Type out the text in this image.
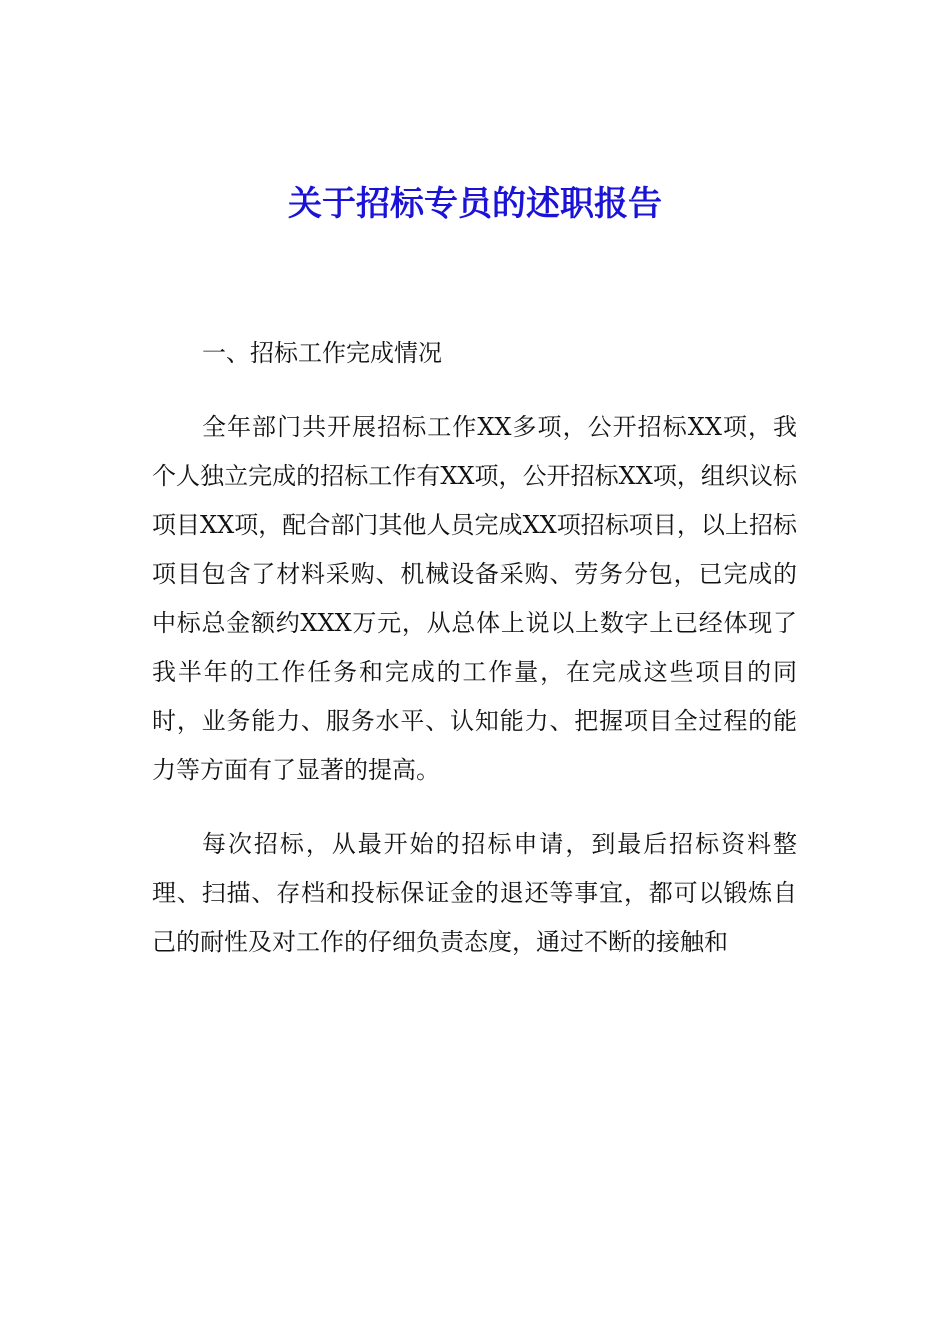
关于招标专员的述职报告

一、招标工作完成情况

全年部门共开展招标工作XX多项，公开招标XX项，我个人独立完成的招标工作有XX项，公开招标XX项，组织议标项目XX项，配合部门其他人员完成XX项招标项目，以上招标项目包含了材料采购、机械设备采购、劳务分包，已完成的中标总金额约XXX万元，从总体上说以上数字上已经体现了我半年的工作任务和完成的工作量，在完成这些项目的同时，业务能力、服务水平、认知能力、把握项目全过程的能力等方面有了显著的提高。

每次招标，从最开始的招标申请，到最后招标资料整理、扫描、存档和投标保证金的退还等事宜，都可以锻炼自己的耐性及对工作的仔细负责态度，通过不断的接触和
